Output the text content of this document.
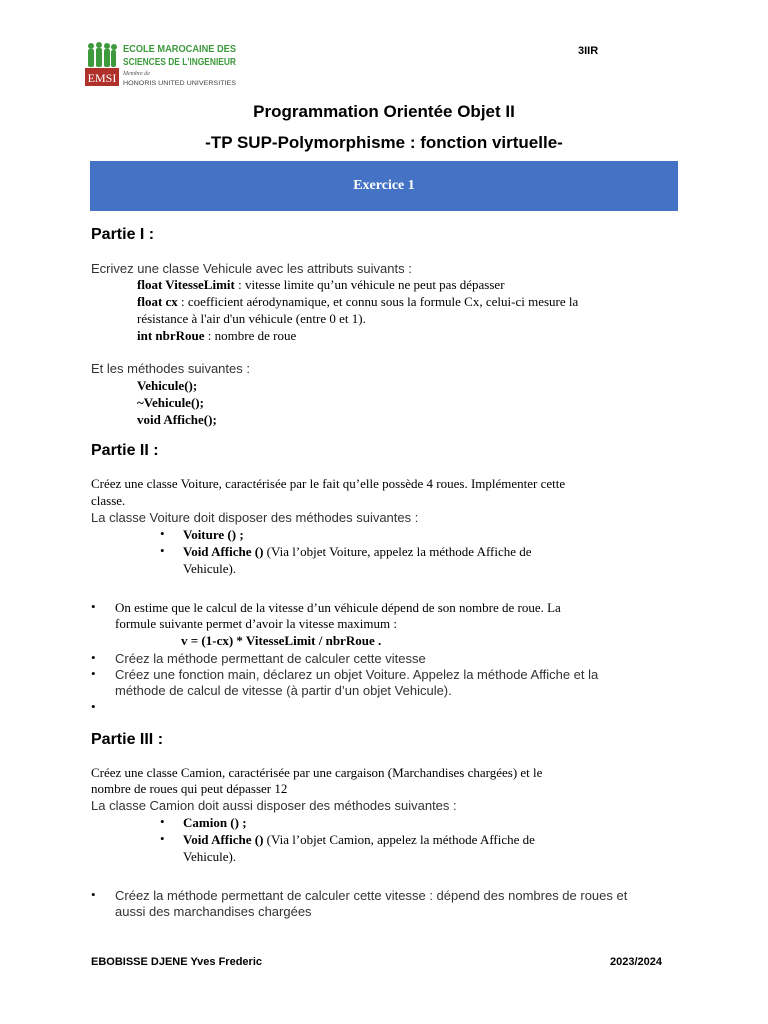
EMSI
ECOLE MAROCAINE DES
SCIENCES DE L'INGENIEUR
Membre de
HONORIS UNITED UNIVERSITIES
3IIR
Programmation Orientée Objet II
-TP SUP-Polymorphisme : fonction virtuelle-
Exercice 1
Partie I :
Ecrivez une classe Vehicule avec les attributs suivants :
float VitesseLimit : vitesse limite qu’un véhicule ne peut pas dépasser
float cx : coefficient aérodynamique, et connu sous la formule Cx, celui-ci mesure la
résistance à l'air d'un véhicule (entre 0 et 1).
int nbrRoue : nombre de roue
Et les méthodes suivantes :
Vehicule();
~Vehicule();
void Affiche();
Partie II :
Créez une classe Voiture, caractérisée par le fait qu’elle possède 4 roues. Implémenter cette
classe.
La classe Voiture doit disposer des méthodes suivantes :
• Voiture () ;
• Void Affiche () (Via l’objet Voiture, appelez la méthode Affiche de
Vehicule).
• On estime que le calcul de la vitesse d’un véhicule dépend de son nombre de roue. La
formule suivante permet d’avoir la vitesse maximum :
v = (1-cx) * VitesseLimit / nbrRoue .
• Créez la méthode permettant de calculer cette vitesse
• Créez une fonction main, déclarez un objet Voiture. Appelez la méthode Affiche et la
méthode de calcul de vitesse (à partir d’un objet Vehicule).
•
Partie III :
Créez une classe Camion, caractérisée par une cargaison (Marchandises chargées) et le
nombre de roues qui peut dépasser 12
La classe Camion doit aussi disposer des méthodes suivantes :
• Camion () ;
• Void Affiche () (Via l’objet Camion, appelez la méthode Affiche de
Vehicule).
• Créez la méthode permettant de calculer cette vitesse : dépend des nombres de roues et
aussi des marchandises chargées
EBOBISSE DJENE Yves Frederic	2023/2024
